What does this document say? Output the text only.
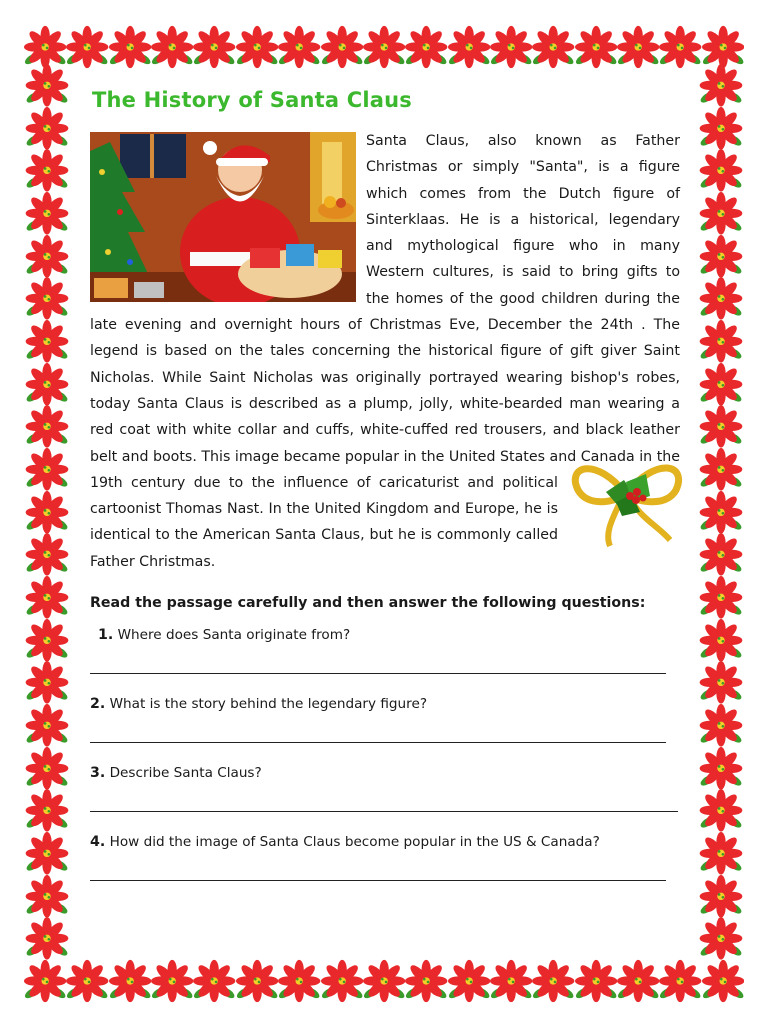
The History of Santa Claus

Santa Claus, also known as Father Christmas or simply "Santa", is a figure which comes from the Dutch figure of Sinterklaas. He is a historical, legendary and mythological figure who in many Western cultures, is said to bring gifts to the homes of the good children during the late evening and overnight hours of Christmas Eve, December the 24th . The legend is based on the tales concerning the historical figure of gift giver Saint Nicholas. While Saint Nicholas was originally portrayed wearing bishop's robes, today Santa Claus is described as a plump, jolly, white-bearded man wearing a red coat with white collar and cuffs, white-cuffed red trousers, and black leather belt and boots. This image
became popular in the United States and Canada in the 19th century due to the influence of caricaturist and political cartoonist Thomas Nast. In the United Kingdom and Europe, he is identical to the American Santa Claus, but he is commonly called Father Christmas.

Read the passage carefully and then answer the following questions:

1. Where does Santa originate from?

2. What is the story behind the legendary figure?

3. Describe Santa Claus?

4. How did the image of Santa Claus become popular in the US & Canada?
